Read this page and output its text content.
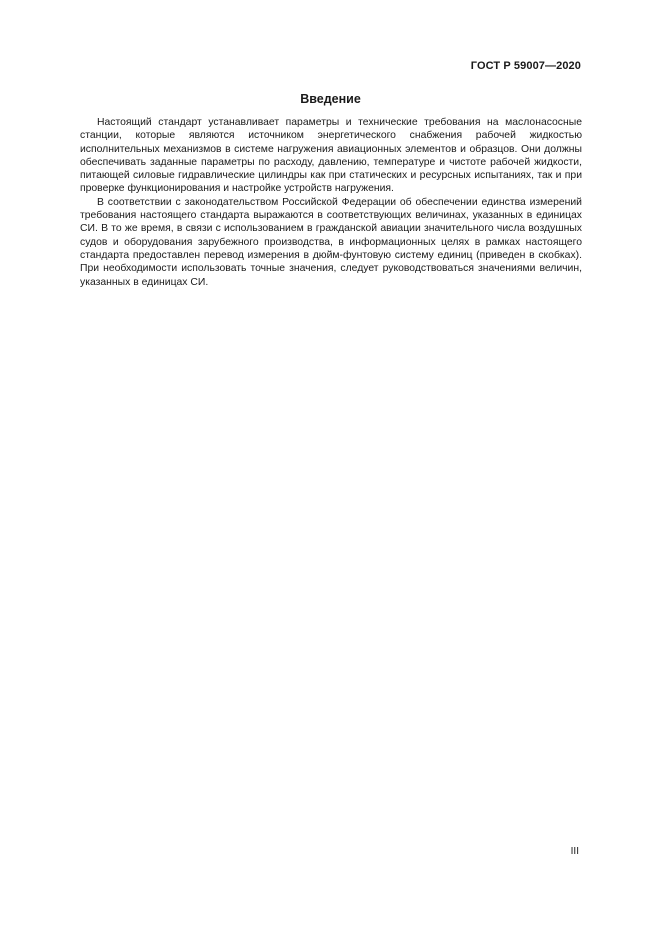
ГОСТ Р 59007—2020
Введение

Настоящий стандарт устанавливает параметры и технические требования на маслонасосные станции, которые являются источником энергетического снабжения рабочей жидкостью исполнительных механизмов в системе нагружения авиационных элементов и образцов. Они должны обеспечивать заданные параметры по расходу, давлению, температуре и чистоте рабочей жидкости, питающей силовые гидравлические цилиндры как при статических и ресурсных испытаниях, так и при проверке функционирования и настройке устройств нагружения.

В соответствии с законодательством Российской Федерации об обеспечении единства измерений требования настоящего стандарта выражаются в соответствующих величинах, указанных в единицах СИ. В то же время, в связи с использованием в гражданской авиации значительного числа воздушных судов и оборудования зарубежного производства, в информационных целях в рамках настоящего стандарта предоставлен перевод измерения в дюйм-фунтовую систему единиц (приведен в скобках). При необходимости использовать точные значения, следует руководствоваться значениями величин, указанных в единицах СИ.

III
